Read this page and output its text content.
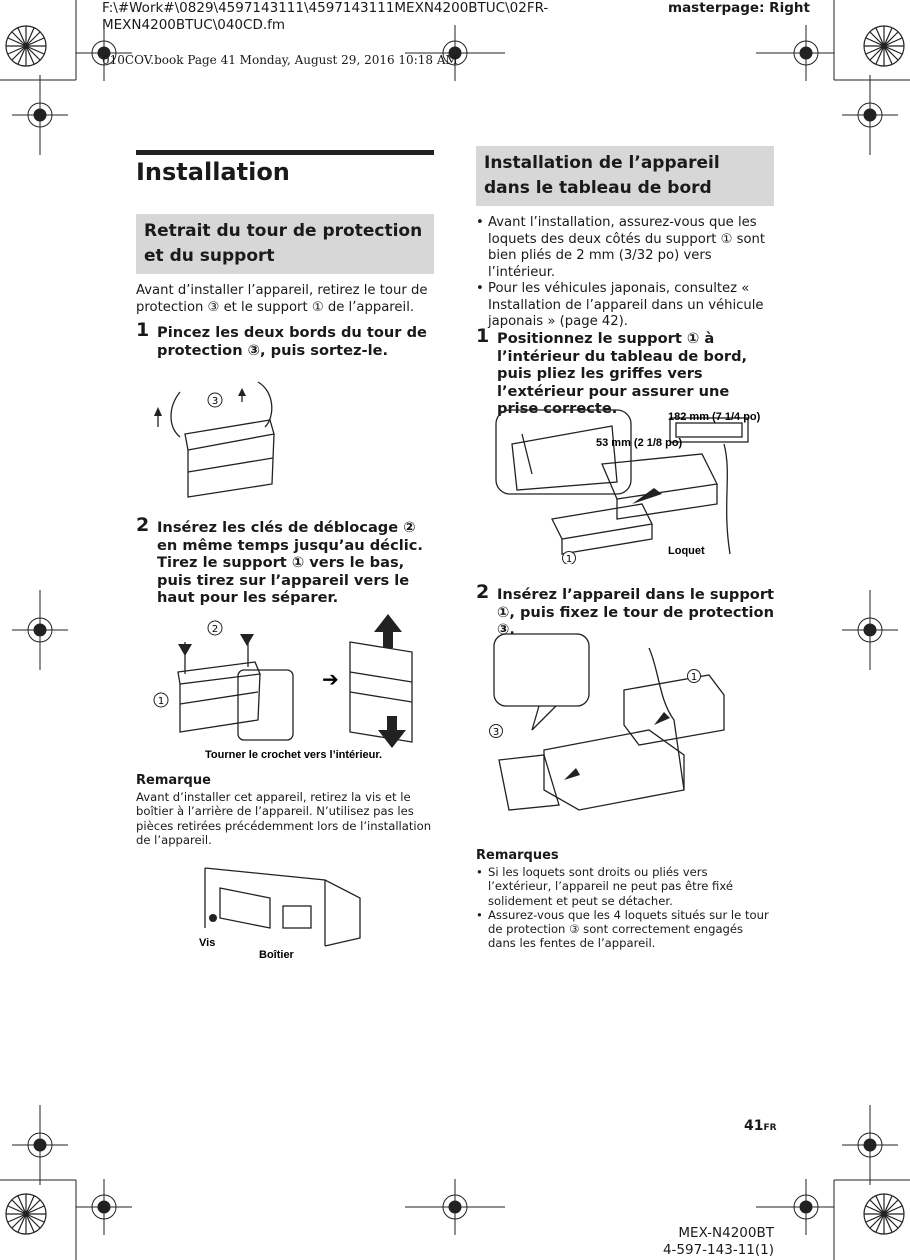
F:\#Work#\0829\4597143111\4597143111MEXN4200BTUC\02FR-MEXN4200BTUC\040CD.fm
masterpage: Right
010COV.book Page 41 Monday, August 29, 2016 10:18 AM
Installation
Retrait du tour de protection et du support
Avant d’installer l’appareil, retirez le tour de protection ③ et le support ① de l’appareil.
1 Pincez les deux bords du tour de protection ③, puis sortez-le.
3
2 Insérez les clés de déblocage ② en même temps jusqu’au déclic. Tirez le support ① vers le bas, puis tirez sur l’appareil vers le haut pour les séparer.
➔
2
1
Tourner le crochet vers l’intérieur.
Remarque
Avant d’installer cet appareil, retirez la vis et le boîtier à l’arrière de l’appareil. N’utilisez pas les pièces retirées précédemment lors de l’installation de l’appareil.
Vis
Boîtier
Installation de l’appareil dans le tableau de bord
• Avant l’installation, assurez-vous que les loquets des deux côtés du support ① sont bien pliés de 2 mm (3/32 po) vers l’intérieur.
• Pour les véhicules japonais, consultez « Installation de l’appareil dans un véhicule japonais » (page 42).
1 Positionnez le support ① à l’intérieur du tableau de bord, puis pliez les griffes vers l’extérieur pour assurer une prise correcte.	182 mm (7 1/4 po)
53 mm (2 1/8 po)
Loquet
1
2 Insérez l’appareil dans le support ①, puis fixez le tour de protection ③.
1
3
Remarques
• Si les loquets sont droits ou pliés vers l’extérieur, l’appareil ne peut pas être fixé solidement et peut se détacher.
• Assurez-vous que les 4 loquets situés sur le tour de protection ③ sont correctement engagés dans les fentes de l’appareil.
41FR
MEX-N4200BT
4-597-143-11(1)
